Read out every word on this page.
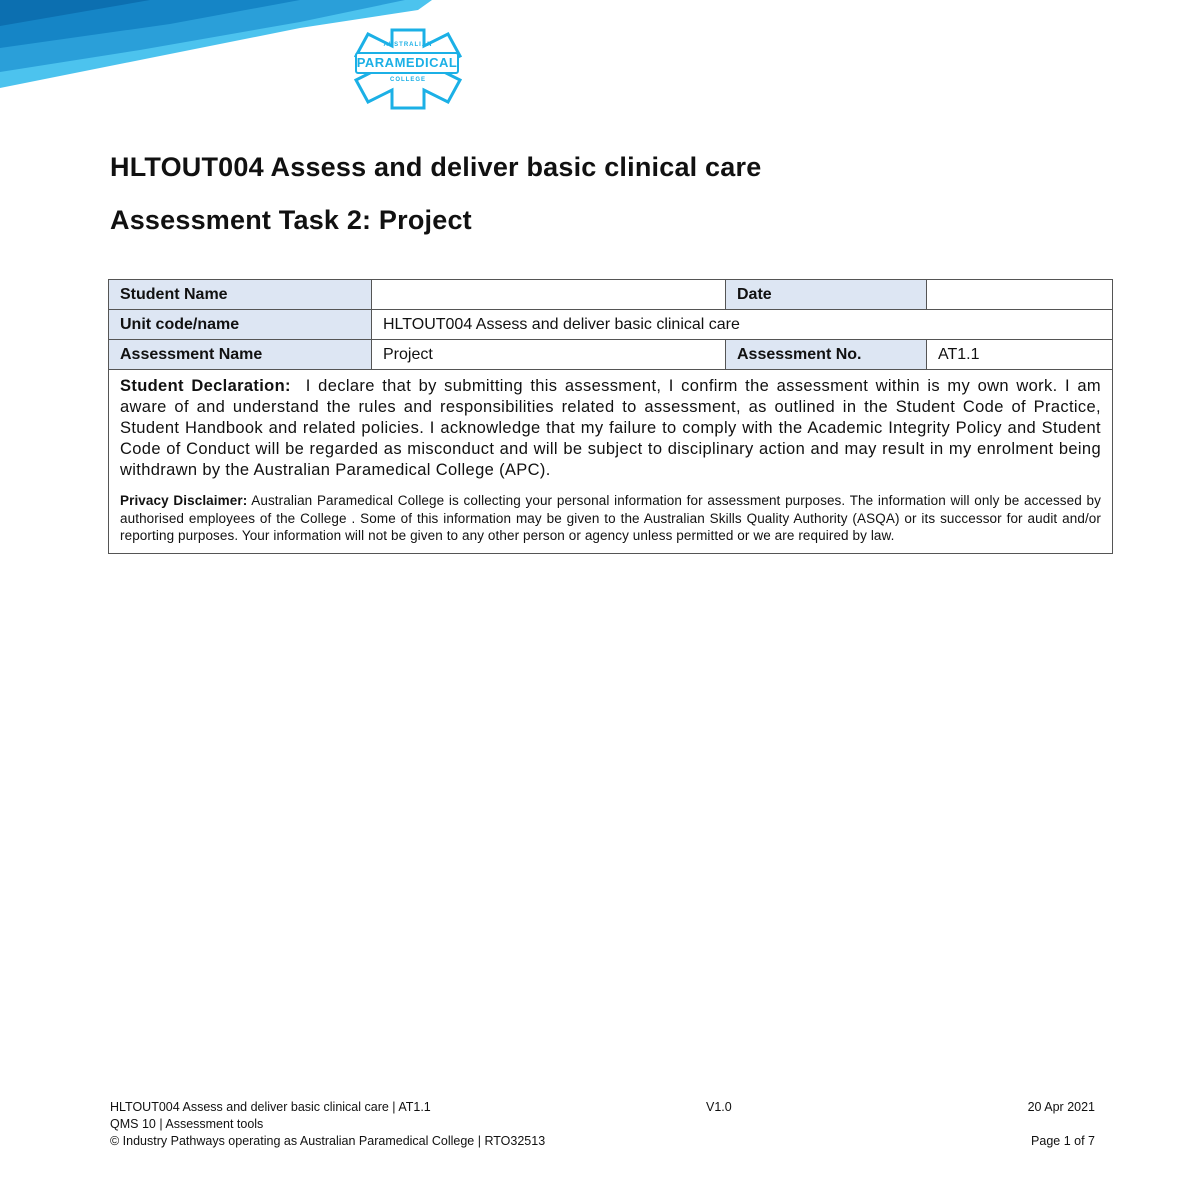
AUSTRALIAN
PARAMEDICAL
COLLEGE
HLTOUT004 Assess and deliver basic clinical care
Assessment Task 2: Project
Student Name		Date	
Unit code/name	HLTOUT004 Assess and deliver basic clinical care		
Assessment Name	Project	Assessment No.	AT1.1

Student Declaration: I declare that by submitting this assessment, I confirm the assessment within is my own work. I am aware of and understand the rules and responsibilities related to assessment, as outlined in the Student Code of Practice, Student Handbook and related policies. I acknowledge that my failure to comply with the Academic Integrity Policy and Student Code of Conduct will be regarded as misconduct and will be subject to disciplinary action and may result in my enrolment being withdrawn by the Australian Paramedical College (APC).

Privacy Disclaimer: Australian Paramedical College is collecting your personal information for assessment purposes. The information will only be accessed by authorised employees of the College . Some of this information may be given to the Australian Skills Quality Authority (ASQA) or its successor for audit and/or reporting purposes. Your information will not be given to any other person or agency unless permitted or we are required by law.			

HLTOUT004 Assess and deliver basic clinical care | AT1.1	V1.0	20 Apr 2021
QMS 10 | Assessment tools
© Industry Pathways operating as Australian Paramedical College | RTO32513	Page 1 of 7
